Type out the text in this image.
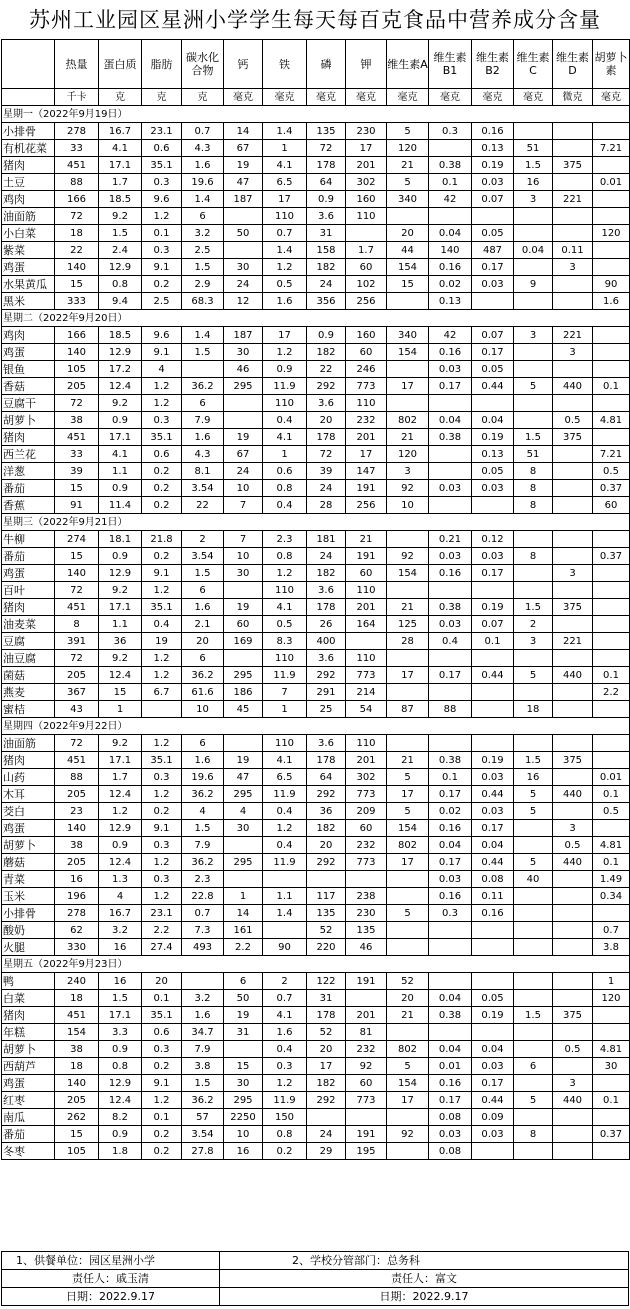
苏州工业园区星洲小学学生每天每百克食品中营养成分含量
	热量	蛋白质	脂肪	碳水化合物	钙	铁	磷	钾	维生素A	维生素B1	维生素B2	维生素C	维生素D	胡萝卜素
	千卡	克	克	克	毫克	毫克	毫克	毫克	毫克	毫克	毫克	毫克	微克	毫克
星期一（2022年9月19日）														
小排骨	278	16.7	23.1	0.7	14	1.4	135	230	5	0.3	0.16			
有机花菜	33	4.1	0.6	4.3	67	1	72	17	120		0.13	51		7.21
猪肉	451	17.1	35.1	1.6	19	4.1	178	201	21	0.38	0.19	1.5	375	
土豆	88	1.7	0.3	19.6	47	6.5	64	302	5	0.1	0.03	16		0.01
鸡肉	166	18.5	9.6	1.4	187	17	0.9	160	340	42	0.07	3	221	
油面筋	72	9.2	1.2	6		110	3.6	110						
小白菜	18	1.5	0.1	3.2	50	0.7	31		20	0.04	0.05			120
紫菜	22	2.4	0.3	2.5		1.4	158	1.7	44	140	487	0.04	0.11	
鸡蛋	140	12.9	9.1	1.5	30	1.2	182	60	154	0.16	0.17		3	
水果黄瓜	15	0.8	0.2	2.9	24	0.5	24	102	15	0.02	0.03	9		90
黑米	333	9.4	2.5	68.3	12	1.6	356	256		0.13				1.6
星期二（2022年9月20日）														
鸡肉	166	18.5	9.6	1.4	187	17	0.9	160	340	42	0.07	3	221	
鸡蛋	140	12.9	9.1	1.5	30	1.2	182	60	154	0.16	0.17		3	
银鱼	105	17.2	4		46	0.9	22	246		0.03	0.05			
香菇	205	12.4	1.2	36.2	295	11.9	292	773	17	0.17	0.44	5	440	0.1
豆腐干	72	9.2	1.2	6		110	3.6	110						
胡萝卜	38	0.9	0.3	7.9		0.4	20	232	802	0.04	0.04		0.5	4.81
猪肉	451	17.1	35.1	1.6	19	4.1	178	201	21	0.38	0.19	1.5	375	
西兰花	33	4.1	0.6	4.3	67	1	72	17	120		0.13	51		7.21
洋葱	39	1.1	0.2	8.1	24	0.6	39	147	3		0.05	8		0.5
番茄	15	0.9	0.2	3.54	10	0.8	24	191	92	0.03	0.03	8		0.37
香蕉	91	11.4	0.2	22	7	0.4	28	256	10			8		60
星期三（2022年9月21日）														
牛柳	274	18.1	21.8	2	7	2.3	181	21		0.21	0.12			
番茄	15	0.9	0.2	3.54	10	0.8	24	191	92	0.03	0.03	8		0.37
鸡蛋	140	12.9	9.1	1.5	30	1.2	182	60	154	0.16	0.17		3	
百叶	72	9.2	1.2	6		110	3.6	110						
猪肉	451	17.1	35.1	1.6	19	4.1	178	201	21	0.38	0.19	1.5	375	
油麦菜	8	1.1	0.4	2.1	60	0.5	26	164	125	0.03	0.07	2		
豆腐	391	36	19	20	169	8.3	400		28	0.4	0.1	3	221	
油豆腐	72	9.2	1.2	6		110	3.6	110						
菌菇	205	12.4	1.2	36.2	295	11.9	292	773	17	0.17	0.44	5	440	0.1
燕麦	367	15	6.7	61.6	186	7	291	214						2.2
蜜桔	43	1		10	45	1	25	54	87	88		18		
星期四（2022年9月22日）														
油面筋	72	9.2	1.2	6		110	3.6	110						
猪肉	451	17.1	35.1	1.6	19	4.1	178	201	21	0.38	0.19	1.5	375	
山药	88	1.7	0.3	19.6	47	6.5	64	302	5	0.1	0.03	16		0.01
木耳	205	12.4	1.2	36.2	295	11.9	292	773	17	0.17	0.44	5	440	0.1
茭白	23	1.2	0.2	4	4	0.4	36	209	5	0.02	0.03	5		0.5
鸡蛋	140	12.9	9.1	1.5	30	1.2	182	60	154	0.16	0.17		3	
胡萝卜	38	0.9	0.3	7.9		0.4	20	232	802	0.04	0.04		0.5	4.81
蘑菇	205	12.4	1.2	36.2	295	11.9	292	773	17	0.17	0.44	5	440	0.1
青菜	16	1.3	0.3	2.3						0.03	0.08	40		1.49
玉米	196	4	1.2	22.8	1	1.1	117	238		0.16	0.11			0.34
小排骨	278	16.7	23.1	0.7	14	1.4	135	230	5	0.3	0.16			
酸奶	62	3.2	2.2	7.3	161		52	135						0.7
火腿	330	16	27.4	493	2.2	90	220	46						3.8
星期五（2022年9月23日）														
鸭	240	16	20		6	2	122	191	52					1
白菜	18	1.5	0.1	3.2	50	0.7	31		20	0.04	0.05			120
猪肉	451	17.1	35.1	1.6	19	4.1	178	201	21	0.38	0.19	1.5	375	
年糕	154	3.3	0.6	34.7	31	1.6	52	81						
胡萝卜	38	0.9	0.3	7.9		0.4	20	232	802	0.04	0.04		0.5	4.81
西葫芦	18	0.8	0.2	3.8	15	0.3	17	92	5	0.01	0.03	6		30
鸡蛋	140	12.9	9.1	1.5	30	1.2	182	60	154	0.16	0.17		3	
红枣	205	12.4	1.2	36.2	295	11.9	292	773	17	0.17	0.44	5	440	0.1
南瓜	262	8.2	0.1	57	2250	150				0.08	0.09			
番茄	15	0.9	0.2	3.54	10	0.8	24	191	92	0.03	0.03	8		0.37
冬枣	105	1.8	0.2	27.8	16	0.2	29	195		0.08				
1、供餐单位：园区星洲小学	2、学校分管部门：总务科
责任人：戚玉清	责任人：富文
日期：2022.9.17	日期：2022.9.17
